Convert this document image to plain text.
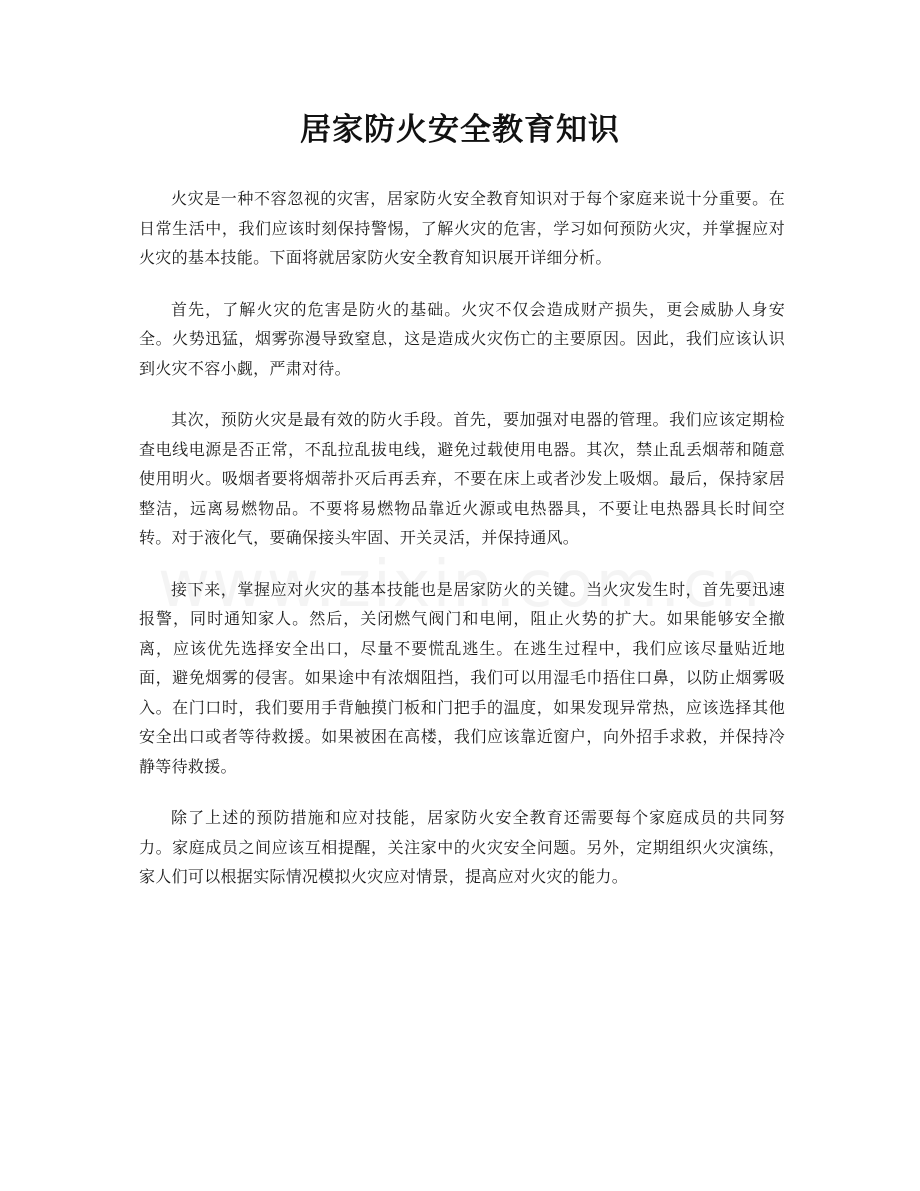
居家防火安全教育知识

火灾是一种不容忽视的灾害，居家防火安全教育知识对于每个家庭来说十分重要。在日常生活中，我们应该时刻保持警惕，了解火灾的危害，学习如何预防火灾，并掌握应对火灾的基本技能。下面将就居家防火安全教育知识展开详细分析。

首先，了解火灾的危害是防火的基础。火灾不仅会造成财产损失，更会威胁人身安全。火势迅猛，烟雾弥漫导致窒息，这是造成火灾伤亡的主要原因。因此，我们应该认识到火灾不容小觑，严肃对待。

其次，预防火灾是最有效的防火手段。首先，要加强对电器的管理。我们应该定期检查电线电源是否正常，不乱拉乱拔电线，避免过载使用电器。其次，禁止乱丢烟蒂和随意使用明火。吸烟者要将烟蒂扑灭后再丢弃，不要在床上或者沙发上吸烟。最后，保持家居整洁，远离易燃物品。不要将易燃物品靠近火源或电热器具，不要让电热器具长时间空转。对于液化气，要确保接头牢固、开关灵活，并保持通风。

接下来，掌握应对火灾的基本技能也是居家防火的关键。当火灾发生时，首先要迅速报警，同时通知家人。然后，关闭燃气阀门和电闸，阻止火势的扩大。如果能够安全撤离，应该优先选择安全出口，尽量不要慌乱逃生。在逃生过程中，我们应该尽量贴近地面，避免烟雾的侵害。如果途中有浓烟阻挡，我们可以用湿毛巾捂住口鼻，以防止烟雾吸入。在门口时，我们要用手背触摸门板和门把手的温度，如果发现异常热，应该选择其他安全出口或者等待救援。如果被困在高楼，我们应该靠近窗户，向外招手求救，并保持冷静等待救援。

除了上述的预防措施和应对技能，居家防火安全教育还需要每个家庭成员的共同努力。家庭成员之间应该互相提醒，关注家中的火灾安全问题。另外，定期组织火灾演练，家人们可以根据实际情况模拟火灾应对情景，提高应对火灾的能力。
